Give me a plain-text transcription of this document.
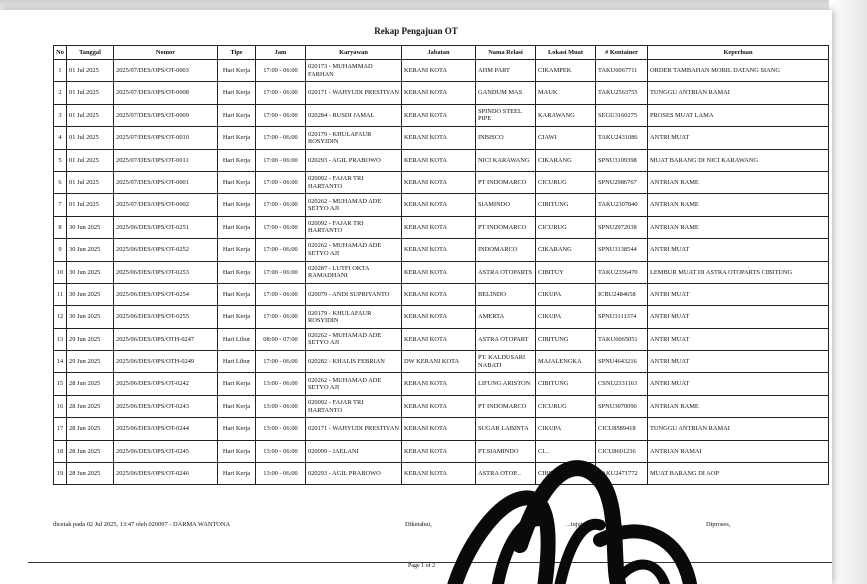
Rekap Pengajuan OT
No	Tanggal	Nomor	Tipe	Jam	Karyawan	Jabatan	Nama Relasi	Lokasi Muat	# Kontainer	Keperluan
1	01 Jul 2025	2025/07/DES/OPS/OT-0003	Hari Kerja	17:00 - 06:00	020173 - MUHAMMAD FARHAN	KERANI KOTA	AHM PART	CIKAMPEK	TAKU6067711	ORDER TAMBAHAN MOBIL DATANG SIANG
2	01 Jul 2025	2025/07/DES/OPS/OT-0008	Hari Kerja	17:00 - 06:00	020171 - WAHYUDI PRESTIYAN	KERANI KOTA	GANDUM MAS	MAUK	TAKU2563755	TUNGGU ANTRIAN RAMAI
3	01 Jul 2025	2025/07/DES/OPS/OT-0009	Hari Kerja	17:00 - 06:00	020284 - RUSDI JAMAL	KERANI KOTA	SPINDO STEEL PIPE	KARAWANG	SEGU3160275	PROSES MUAT LAMA
4	01 Jul 2025	2025/07/DES/OPS/OT-0010	Hari Kerja	17:00 - 06:00	020179 - KHULAFAUR ROSYIDIN	KERANI KOTA	INBISCO	CIAWI	TAKU2431086	ANTRI MUAT
5	01 Jul 2025	2025/07/DES/OPS/OT-0011	Hari Kerja	17:00 - 06:00	020293 - AGIL PRABOWO	KERANI KOTA	NICI KARAWANG	CIKARANG	SPNU3109398	MUAT BARANG DI NICI KARAWANG
6	01 Jul 2025	2025/07/DES/OPS/OT-0001	Hari Kerja	17:00 - 06:00	020092 - FAJAR TRI HARTANTO	KERANI KOTA	PT INDOMARCO	CICURUG	SPNU2986767	ANTRIAN RAME
7	01 Jul 2025	2025/07/DES/OPS/OT-0002	Hari Kerja	17:00 - 06:00	020262 - MUHAMAD ADE SETYO AJI	KERANI KOTA	SIAMINDO	CIBITUNG	TAKU2307840	ANTRIAN RAME
8	30 Jun 2025	2025/06/DES/OPS/OT-0251	Hari Kerja	17:00 - 06:00	020092 - FAJAR TRI HARTANTO	KERANI KOTA	PT INDOMARCO	CICURUG	SPNU2972038	ANTRIAN RAME
9	30 Jun 2025	2025/06/DES/OPS/OT-0252	Hari Kerja	17:00 - 06:00	020262 - MUHAMAD ADE SETYO AJI	KERANI KOTA	INDOMARCO	CIKARANG	SPNU3138544	ANTRI MUAT
10	30 Jun 2025	2025/06/DES/OPS/OT-0253	Hari Kerja	17:00 - 06:00	020287 - LUTFI OKTA RAMADHANI	KERANI KOTA	ASTRA OTOPARTS	CIBITUY	TAKU2356470	LEMBUR MUAT DI ASTRA OTOPARTS CIBITUNG
11	30 Jun 2025	2025/06/DES/OPS/OT-0254	Hari Kerja	17:00 - 06:00	020079 - ANDI SUPRIYANTO	KERANI KOTA	BELINDO	CIKUPA	ICBU2484658	ANTRI MUAT
12	30 Jun 2025	2025/06/DES/OPS/OT-0255	Hari Kerja	17:00 - 06:00	020179 - KHULAFAUR ROSYIDIN	KERANI KOTA	AMERTA	CIKUPA	SPNU3111374	ANTRI MUAT
13	29 Jun 2025	2025/06/DES/OPS/OTH-0247	Hari Libur	08:00 - 07:00	020262 - MUHAMAD ADE SETYO AJI	KERANI KOTA	ASTRA OTOPART	CIBITUNG	TAKU6065051	ANTRI MUAT
14	29 Jun 2025	2025/06/DES/OPS/OTH-0249	Hari Libur	17:00 - 06:00	020282 - KHALIS FEBRIAN	DW KERANI KOTA	PT. KALDUSARI NABATI	MAJALENGKA	SPNU4643216	ANTRI MUAT
15	28 Jun 2025	2025/06/DES/OPS/OT-0242	Hari Kerja	13:00 - 06:00	020262 - MUHAMAD ADE SETYO AJI	KERANI KOTA	LIFUNG ARISTON	CIBITUNG	CSNU2331163	ANTRI MUAT
16	28 Jun 2025	2025/06/DES/OPS/OT-0243	Hari Kerja	13:00 - 06:00	020092 - FAJAR TRI HARTANTO	KERANI KOTA	PT INDOMARCO	CICURUG	SPNU3070090	ANTRIAN RAME
17	28 Jun 2025	2025/06/DES/OPS/OT-0244	Hari Kerja	13:00 - 06:00	020171 - WAHYUDI PRESTIYAN	KERANI KOTA	SUGAR LABINTA	CIKUPA	CICU8589418	TUNGGU ANTRIAN RAMAI
18	28 Jun 2025	2025/06/DES/OPS/OT-0245	Hari Kerja	13:00 - 06:00	020099 - JAELANI	KERANI KOTA	PT.SIAMINDO	CI...	CICU8601236	ANTRIAN RAMAI
19	28 Jun 2025	2025/06/DES/OPS/OT-0246	Hari Kerja	13:00 - 06:00	020293 - AGIL PRABOWO	KERANI KOTA	ASTRA OTOP...	CIBITI...	TAKU2471772	MUAT BARANG DI AOP
dicetak pada 02 Jul 2025, 13:47 oleh 020097 - DARMA WANTONA	Diketahui,	...tujui,	Diproses,
Page 1 of 2
